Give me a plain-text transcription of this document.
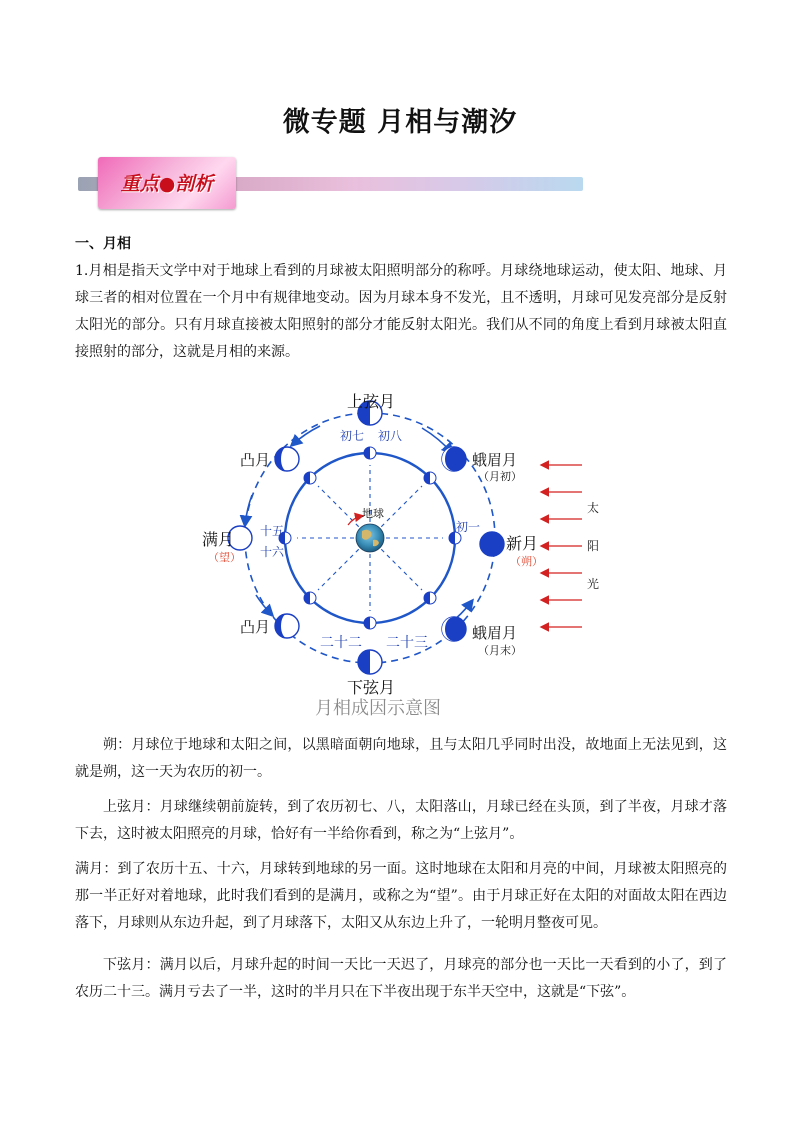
微专题 月相与潮汐
重点●剖析
一、月相

1.月相是指天文学中对于地球上看到的月球被太阳照明部分的称呼。月球绕地球运动，使太阳、地球、月球三者的相对位置在一个月中有规律地变动。因为月球本身不发光，且不透明，月球可见发亮部分是反射太阳光的部分。只有月球直接被太阳照射的部分才能反射太阳光。我们从不同的角度上看到月球被太阳直接照射的部分，这就是月相的来源。

地球
上弦月
初七 初八
凸月	蛾眉月
（月初）
满月
（望）
十五
十六
初一
新月
（朔）
凸月	蛾眉月
（月末）
二十二 二十三
下弦月
月相成因示意图
太
阳
光

朔：月球位于地球和太阳之间，以黑暗面朝向地球，且与太阳几乎同时出没，故地面上无法见到，这就是朔，这一天为农历的初一。

上弦月：月球继续朝前旋转，到了农历初七、八，太阳落山，月球已经在头顶，到了半夜，月球才落下去，这时被太阳照亮的月球，恰好有一半给你看到，称之为“上弦月”。

满月：到了农历十五、十六，月球转到地球的另一面。这时地球在太阳和月亮的中间，月球被太阳照亮的那一半正好对着地球，此时我们看到的是满月，或称之为“望”。由于月球正好在太阳的对面故太阳在西边落下，月球则从东边升起，到了月球落下，太阳又从东边上升了，一轮明月整夜可见。

下弦月：满月以后，月球升起的时间一天比一天迟了，月球亮的部分也一天比一天看到的小了，到了农历二十三。满月亏去了一半，这时的半月只在下半夜出现于东半天空中，这就是“下弦”。
